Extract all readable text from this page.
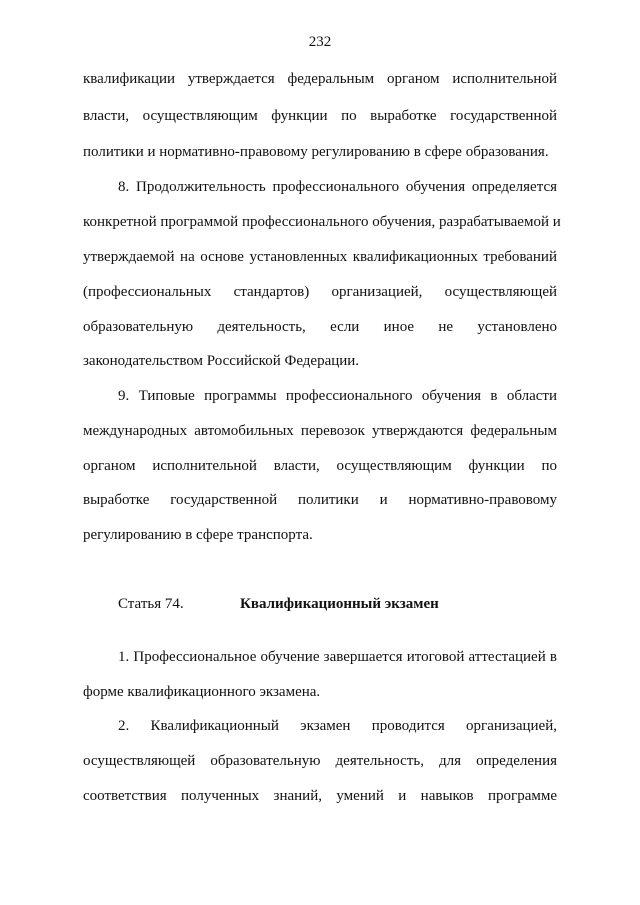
232
квалификации утверждается федеральным органом исполнительной
власти, осуществляющим функции по выработке государственной
политики и нормативно-правовому регулированию в сфере образования.
8. Продолжительность профессионального обучения определяется
конкретной программой профессионального обучения, разрабатываемой и
утверждаемой на основе установленных квалификационных требований
(профессиональных стандартов) организацией, осуществляющей
образовательную деятельность, если иное не установлено
законодательством Российской Федерации.
9. Типовые программы профессионального обучения в области
международных автомобильных перевозок утверждаются федеральным
органом исполнительной власти, осуществляющим функции по
выработке государственной политики и нормативно-правовому
регулированию в сфере транспорта.
Статья 74.	Квалификационный экзамен
1. Профессиональное обучение завершается итоговой аттестацией в
форме квалификационного экзамена.
2. Квалификационный экзамен проводится организацией,
осуществляющей образовательную деятельность, для определения
соответствия полученных знаний, умений и навыков программе
